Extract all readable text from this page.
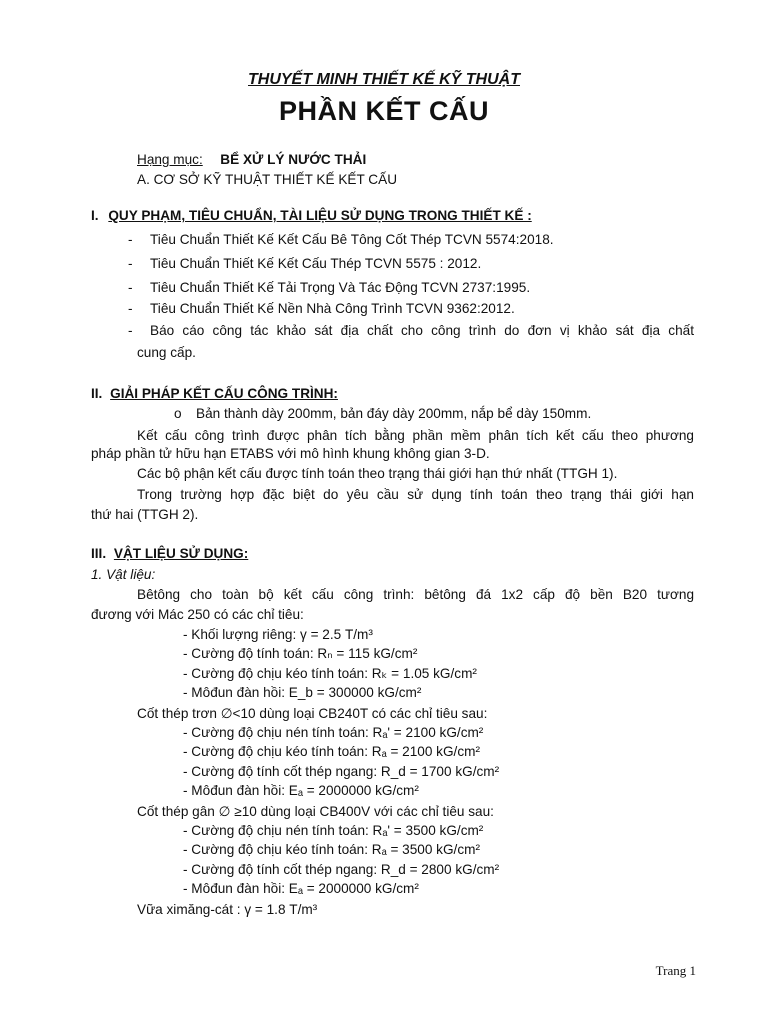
THUYẾT MINH THIẾT KẾ KỸ THUẬT
PHẦN KẾT CẤU
Hạng mục: BỂ XỬ LÝ NƯỚC THẢI
A. CƠ SỞ KỸ THUẬT THIẾT KẾ KẾT CẤU
I. QUY PHẠM, TIÊU CHUẨN, TÀI LIỆU SỬ DỤNG TRONG THIẾT KẾ :
- Tiêu Chuẩn Thiết Kế Kết Cấu Bê Tông Cốt Thép TCVN 5574:2018.
- Tiêu Chuẩn Thiết Kế Kết Cấu Thép TCVN 5575 : 2012.
- Tiêu Chuẩn Thiết Kế Tải Trọng Và Tác Động TCVN 2737:1995.
- Tiêu Chuẩn Thiết Kế Nền Nhà Công Trình TCVN 9362:2012.
- Báo cáo công tác khảo sát địa chất cho công trình do đơn vị khảo sát địa chất
cung cấp.
II. GIẢI PHÁP KẾT CẤU CÔNG TRÌNH:
o Bản thành dày 200mm, bản đáy dày 200mm, nắp bể dày 150mm.
Kết cấu công trình được phân tích bằng phần mềm phân tích kết cấu theo phương
pháp phần tử hữu hạn ETABS với mô hình khung không gian 3-D.
Các bộ phận kết cấu được tính toán theo trạng thái giới hạn thứ nhất (TTGH 1).
Trong trường hợp đặc biệt do yêu cầu sử dụng tính toán theo trạng thái giới hạn
thứ hai (TTGH 2).
III. VẬT LIỆU SỬ DỤNG:
1. Vật liệu:
Bêtông cho toàn bộ kết cấu công trình: bêtông đá 1x2 cấp độ bền B20 tương
đương với Mác 250 có các chỉ tiêu:
- Khối lượng riêng: γ = 2.5 T/m³
- Cường độ tính toán: Rₙ = 115 kG/cm²
- Cường độ chịu kéo tính toán: Rₖ = 1.05 kG/cm²
- Môđun đàn hồi: E_b = 300000 kG/cm²
Cốt thép trơn ∅<10 dùng loại CB240T có các chỉ tiêu sau:
- Cường độ chịu nén tính toán: Rₐ' = 2100 kG/cm²
- Cường độ chịu kéo tính toán: Rₐ = 2100 kG/cm²
- Cường độ tính cốt thép ngang: R_d = 1700 kG/cm²
- Môđun đàn hồi: Eₐ = 2000000 kG/cm²
Cốt thép gân ∅ ≥10 dùng loại CB400V với các chỉ tiêu sau:
- Cường độ chịu nén tính toán: Rₐ' = 3500 kG/cm²
- Cường độ chịu kéo tính toán: Rₐ = 3500 kG/cm²
- Cường độ tính cốt thép ngang: R_d = 2800 kG/cm²
- Môđun đàn hồi: Eₐ = 2000000 kG/cm²
Vữa ximăng-cát : γ = 1.8 T/m³
Trang 1
